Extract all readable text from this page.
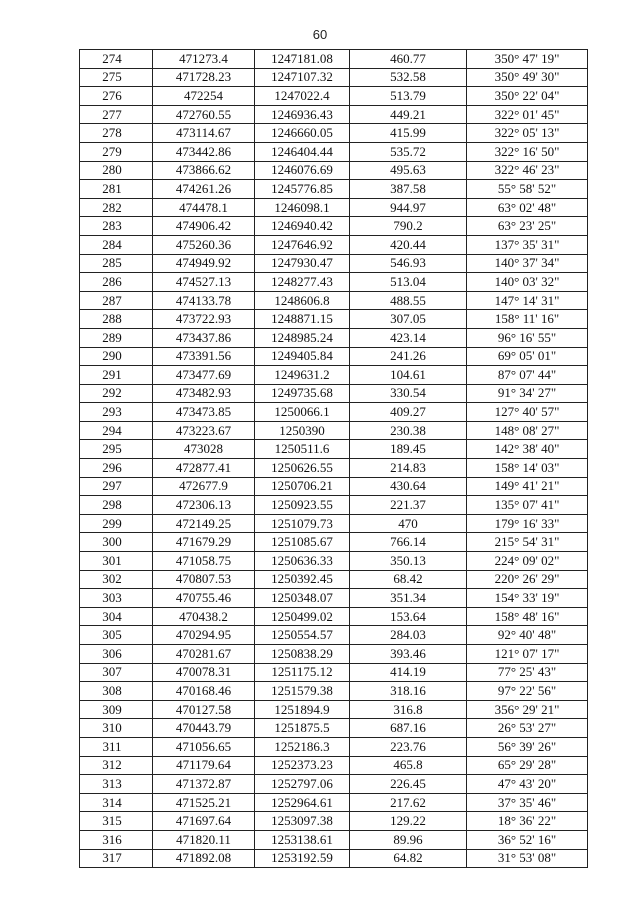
60
274	471273.4	1247181.08	460.77	350° 47' 19"
275	471728.23	1247107.32	532.58	350° 49' 30"
276	472254	1247022.4	513.79	350° 22' 04"
277	472760.55	1246936.43	449.21	322° 01' 45"
278	473114.67	1246660.05	415.99	322° 05' 13"
279	473442.86	1246404.44	535.72	322° 16' 50"
280	473866.62	1246076.69	495.63	322° 46' 23"
281	474261.26	1245776.85	387.58	55° 58' 52"
282	474478.1	1246098.1	944.97	63° 02' 48"
283	474906.42	1246940.42	790.2	63° 23' 25"
284	475260.36	1247646.92	420.44	137° 35' 31"
285	474949.92	1247930.47	546.93	140° 37' 34"
286	474527.13	1248277.43	513.04	140° 03' 32"
287	474133.78	1248606.8	488.55	147° 14' 31"
288	473722.93	1248871.15	307.05	158° 11' 16"
289	473437.86	1248985.24	423.14	96° 16' 55"
290	473391.56	1249405.84	241.26	69° 05' 01"
291	473477.69	1249631.2	104.61	87° 07' 44"
292	473482.93	1249735.68	330.54	91° 34' 27"
293	473473.85	1250066.1	409.27	127° 40' 57"
294	473223.67	1250390	230.38	148° 08' 27"
295	473028	1250511.6	189.45	142° 38' 40"
296	472877.41	1250626.55	214.83	158° 14' 03"
297	472677.9	1250706.21	430.64	149° 41' 21"
298	472306.13	1250923.55	221.37	135° 07' 41"
299	472149.25	1251079.73	470	179° 16' 33"
300	471679.29	1251085.67	766.14	215° 54' 31"
301	471058.75	1250636.33	350.13	224° 09' 02"
302	470807.53	1250392.45	68.42	220° 26' 29"
303	470755.46	1250348.07	351.34	154° 33' 19"
304	470438.2	1250499.02	153.64	158° 48' 16"
305	470294.95	1250554.57	284.03	92° 40' 48"
306	470281.67	1250838.29	393.46	121° 07' 17"
307	470078.31	1251175.12	414.19	77° 25' 43"
308	470168.46	1251579.38	318.16	97° 22' 56"
309	470127.58	1251894.9	316.8	356° 29' 21"
310	470443.79	1251875.5	687.16	26° 53' 27"
311	471056.65	1252186.3	223.76	56° 39' 26"
312	471179.64	1252373.23	465.8	65° 29' 28"
313	471372.87	1252797.06	226.45	47° 43' 20"
314	471525.21	1252964.61	217.62	37° 35' 46"
315	471697.64	1253097.38	129.22	18° 36' 22"
316	471820.11	1253138.61	89.96	36° 52' 16"
317	471892.08	1253192.59	64.82	31° 53' 08"
